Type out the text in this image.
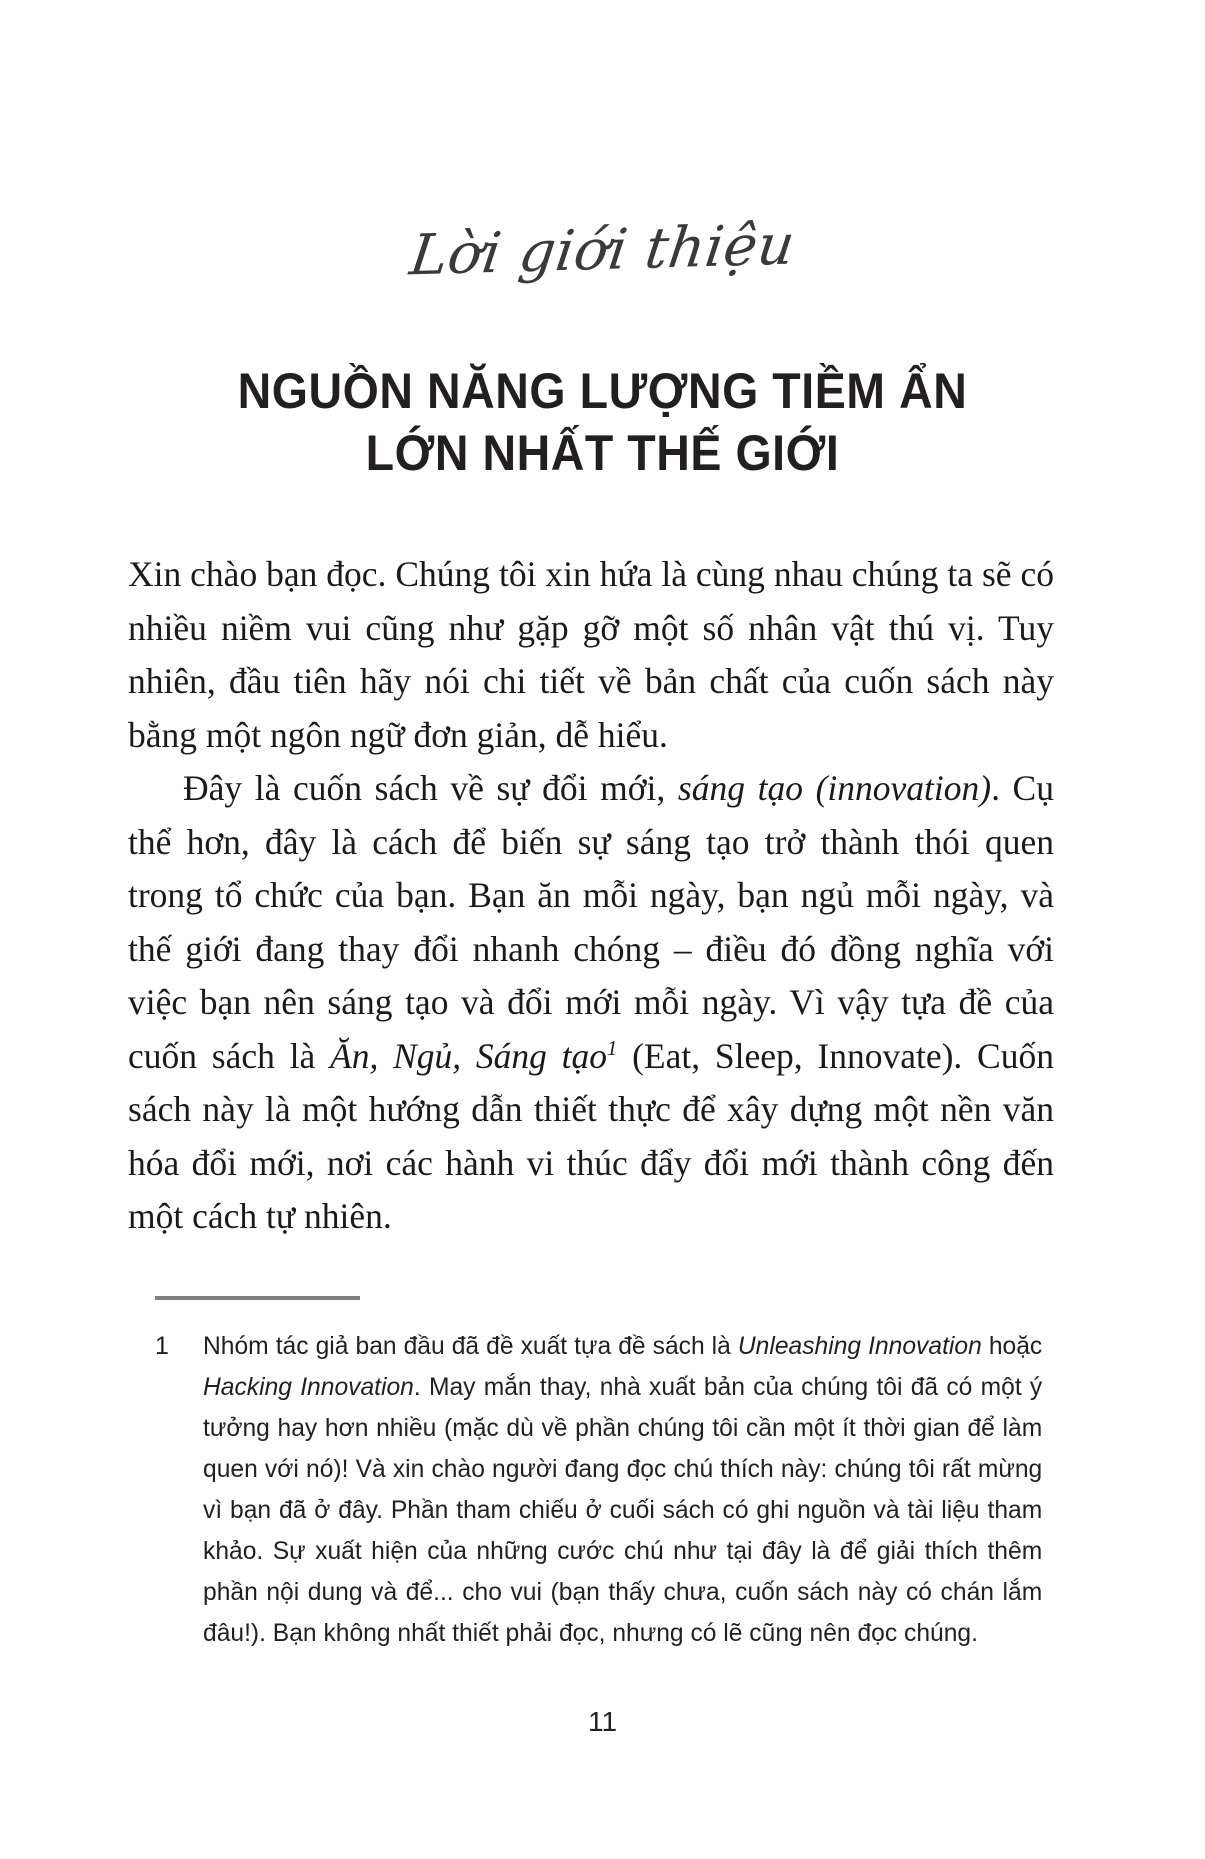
Lời giới thiệu
NGUỒN NĂNG LƯỢNG TIỀM ẨN
LỚN NHẤT THẾ GIỚI

Xin chào bạn đọc. Chúng tôi xin hứa là cùng nhau chúng ta sẽ có nhiều niềm vui cũng như gặp gỡ một số nhân vật thú vị. Tuy nhiên, đầu tiên hãy nói chi tiết về bản chất của cuốn sách này bằng một ngôn ngữ đơn giản, dễ hiểu.

Đây là cuốn sách về sự đổi mới, sáng tạo (innovation). Cụ thể hơn, đây là cách để biến sự sáng tạo trở thành thói quen trong tổ chức của bạn. Bạn ăn mỗi ngày, bạn ngủ mỗi ngày, và thế giới đang thay đổi nhanh chóng – điều đó đồng nghĩa với việc bạn nên sáng tạo và đổi mới mỗi ngày. Vì vậy tựa đề của cuốn sách là Ăn, Ngủ, Sáng tạo$^1$ (Eat, Sleep, Innovate). Cuốn sách này là một hướng dẫn thiết thực để xây dựng một nền văn hóa đổi mới, nơi các hành vi thúc đẩy đổi mới thành công đến một cách tự nhiên.

1	Nhóm tác giả ban đầu đã đề xuất tựa đề sách là Unleashing Innovation hoặc Hacking Innovation. May mắn thay, nhà xuất bản của chúng tôi đã có một ý tưởng hay hơn nhiều (mặc dù về phần chúng tôi cần một ít thời gian để làm quen với nó)! Và xin chào người đang đọc chú thích này: chúng tôi rất mừng vì bạn đã ở đây. Phần tham chiếu ở cuối sách có ghi nguồn và tài liệu tham khảo. Sự xuất hiện của những cước chú như tại đây là để giải thích thêm phần nội dung và để... cho vui (bạn thấy chưa, cuốn sách này có chán lắm đâu!). Bạn không nhất thiết phải đọc, nhưng có lẽ cũng nên đọc chúng.
11
